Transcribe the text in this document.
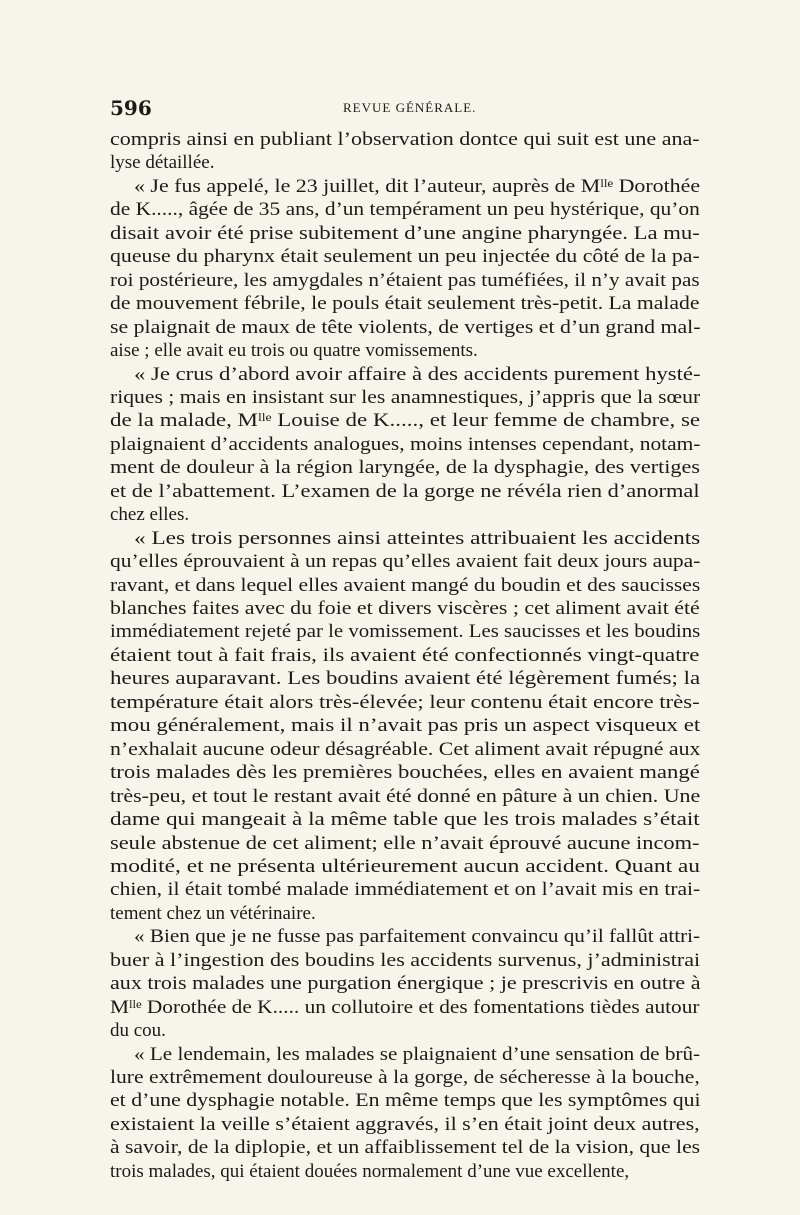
596	REVUE GÉNÉRALE.
compris ainsi en publiant l’observation dontce qui suit est une ana-
lyse détaillée.
« Je fus appelé, le 23 juillet, dit l’auteur, auprès de Mˡˡᵉ Dorothée
de K....., âgée de 35 ans, d’un tempérament un peu hystérique, qu’on
disait avoir été prise subitement d’une angine pharyngée. La mu-
queuse du pharynx était seulement un peu injectée du côté de la pa-
roi postérieure, les amygdales n’étaient pas tuméfiées, il n’y avait pas
de mouvement fébrile, le pouls était seulement très-petit. La malade
se plaignait de maux de tête violents, de vertiges et d’un grand mal-
aise ; elle avait eu trois ou quatre vomissements.
« Je crus d’abord avoir affaire à des accidents purement hysté-
riques ; mais en insistant sur les anamnestiques, j’appris que la sœur
de la malade, Mˡˡᵉ Louise de K....., et leur femme de chambre, se
plaignaient d’accidents analogues, moins intenses cependant, notam-
ment de douleur à la région laryngée, de la dysphagie, des vertiges
et de l’abattement. L’examen de la gorge ne révéla rien d’anormal
chez elles.
« Les trois personnes ainsi atteintes attribuaient les accidents
qu’elles éprouvaient à un repas qu’elles avaient fait deux jours aupa-
ravant, et dans lequel elles avaient mangé du boudin et des saucisses
blanches faites avec du foie et divers viscères ; cet aliment avait été
immédiatement rejeté par le vomissement. Les saucisses et les boudins
étaient tout à fait frais, ils avaient été confectionnés vingt-quatre
heures auparavant. Les boudins avaient été légèrement fumés; la
température était alors très-élevée; leur contenu était encore très-
mou généralement, mais il n’avait pas pris un aspect visqueux et
n’exhalait aucune odeur désagréable. Cet aliment avait répugné aux
trois malades dès les premières bouchées, elles en avaient mangé
très-peu, et tout le restant avait été donné en pâture à un chien. Une
dame qui mangeait à la même table que les trois malades s’était
seule abstenue de cet aliment; elle n’avait éprouvé aucune incom-
modité, et ne présenta ultérieurement aucun accident. Quant au
chien, il était tombé malade immédiatement et on l’avait mis en trai-
tement chez un vétérinaire.
« Bien que je ne fusse pas parfaitement convaincu qu’il fallût attri-
buer à l’ingestion des boudins les accidents survenus, j’administrai
aux trois malades une purgation énergique ; je prescrivis en outre à
Mˡˡᵉ Dorothée de K..... un collutoire et des fomentations tièdes autour
du cou.
« Le lendemain, les malades se plaignaient d’une sensation de brû-
lure extrêmement douloureuse à la gorge, de sécheresse à la bouche,
et d’une dysphagie notable. En même temps que les symptômes qui
existaient la veille s’étaient aggravés, il s’en était joint deux autres,
à savoir, de la diplopie, et un affaiblissement tel de la vision, que les
trois malades, qui étaient douées normalement d’une vue excellente,
